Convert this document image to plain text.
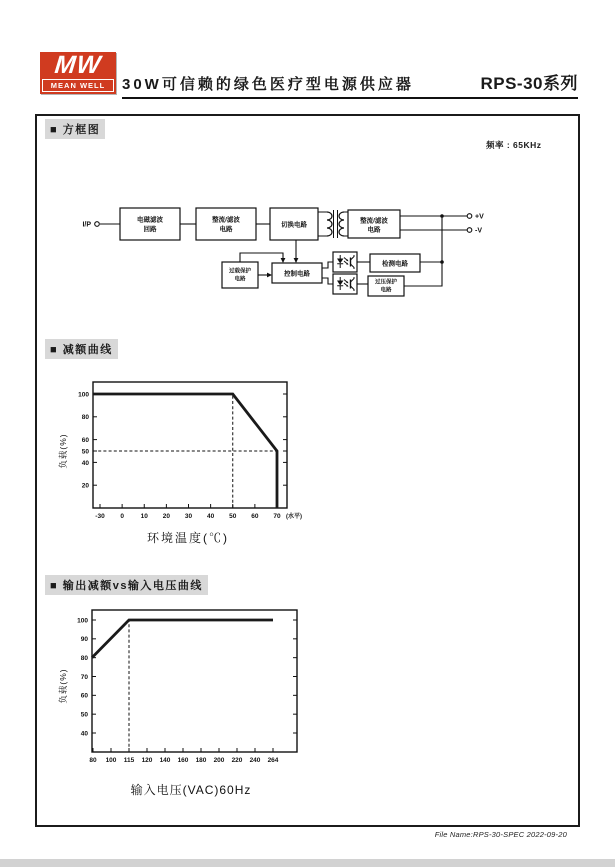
MW
MEAN WELL	30W可信赖的绿色医疗型电源供应器	RPS-30系列
■ 方框图
频率 : 65KHz
I/P
+V
-V
电磁滤波
回路
整流/滤波
电路
切换电路
整流/滤波
电路
过载保护
电路
控制电路
检测电路
过压保护
电路
■ 减额曲线
-30 0	10 20 30 40 50 60 70 (水平)
20
40
50
60
80
100
环境温度(℃)
负载(%)
■ 输出减额vs输入电压曲线
80 100 115 120 140 160 180 200 220 240 264
40
50
60
70
80
90
100
输入电压(VAC)60Hz
负载(%)
File Name:RPS-30-SPEC 2022-09-20
